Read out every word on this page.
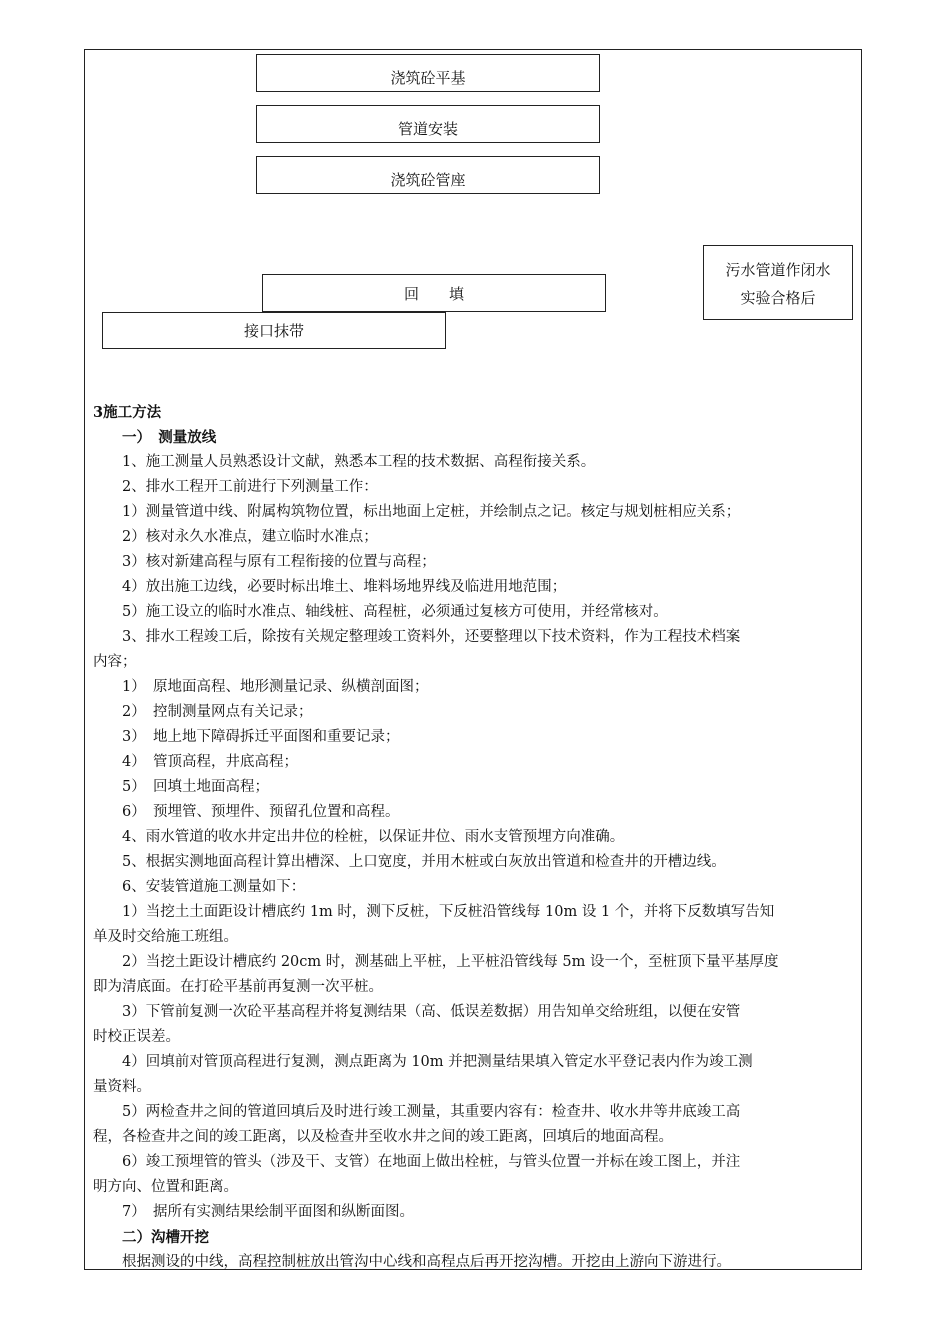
浇筑砼平基
管道安装
浇筑砼管座
回　　填
接口抹带
污水管道作闭水
实验合格后
3施工方法
　　一）　测量放线
　　1、施工测量人员熟悉设计文献，熟悉本工程的技术数据、高程衔接关系。
　　2、排水工程开工前进行下列测量工作：
　　1）测量管道中线、附属构筑物位置，标出地面上定桩，并绘制点之记。核定与规划桩相应关系；
　　2）核对永久水准点，建立临时水准点；
　　3）核对新建高程与原有工程衔接的位置与高程；
　　4）放出施工边线，必要时标出堆土、堆料场地界线及临进用地范围；
　　5）施工设立的临时水准点、轴线桩、高程桩，必须通过复核方可使用，并经常核对。
　　3、排水工程竣工后，除按有关规定整理竣工资料外，还要整理以下技术资料，作为工程技术档案
内容；
　　1）　原地面高程、地形测量记录、纵横剖面图；
　　2）　控制测量网点有关记录；
　　3）　地上地下障碍拆迁平面图和重要记录；
　　4）　管顶高程，井底高程；
　　5）　回填土地面高程；
　　6）　预埋管、预埋件、预留孔位置和高程。
　　4、雨水管道的收水井定出井位的栓桩，以保证井位、雨水支管预埋方向准确。
　　5、根据实测地面高程计算出槽深、上口宽度，并用木桩或白灰放出管道和检查井的开槽边线。
　　6、安装管道施工测量如下：
　　1）当挖土土面距设计槽底约 1m 时，测下反桩，下反桩沿管线每 10m 设 1 个，并将下反数填写告知
单及时交给施工班组。
　　2）当挖土距设计槽底约 20cm 时，测基础上平桩，上平桩沿管线每 5m 设一个，至桩顶下量平基厚度
即为清底面。在打砼平基前再复测一次平桩。
　　3）下管前复测一次砼平基高程并将复测结果（高、低误差数据）用告知单交给班组，以便在安管
时校正误差。
　　4）回填前对管顶高程进行复测，测点距离为 10m 并把测量结果填入管定水平登记表内作为竣工测
量资料。
　　5）两检查井之间的管道回填后及时进行竣工测量，其重要内容有：检查井、收水井等井底竣工高
程，各检查井之间的竣工距离，以及检查井至收水井之间的竣工距离，回填后的地面高程。
　　6）竣工预埋管的管头（涉及干、支管）在地面上做出栓桩，与管头位置一并标在竣工图上，并注
明方向、位置和距离。
　　7）　据所有实测结果绘制平面图和纵断面图。
　　二）沟槽开挖
　　根据测设的中线，高程控制桩放出管沟中心线和高程点后再开挖沟槽。开挖由上游向下游进行。
